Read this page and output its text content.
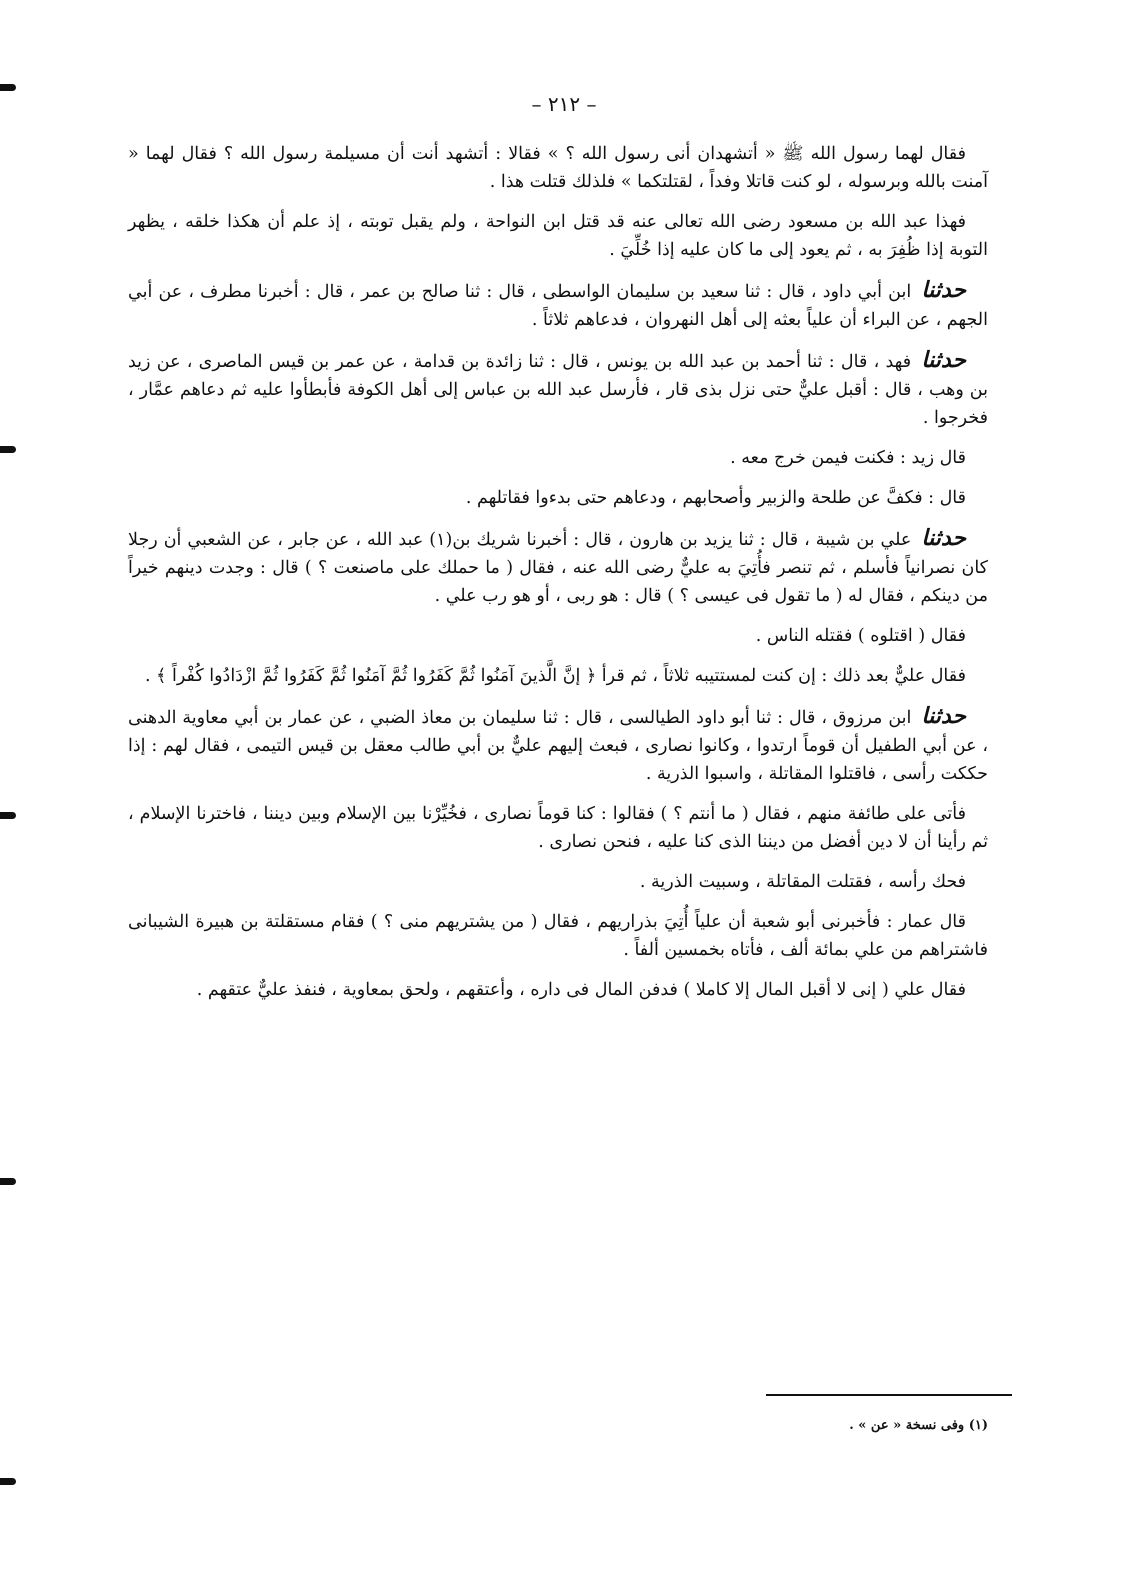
– ٢١٢ –

فقال لهما رسول الله ﷺ « أتشهدان أنى رسول الله ؟ » فقالا : أتشهد أنت أن مسيلمة رسول الله ؟ فقال لهما « آمنت بالله وبرسوله ، لو كنت قاتلا وفداً ، لقتلتكما » فلذلك قتلت هذا .

فهذا عبد الله بن مسعود رضى الله تعالى عنه قد قتل ابن النواحة ، ولم يقبل توبته ، إذ علم أن هكذا خلقه ، يظهر التوبة إذا ظُفِرَ به ، ثم يعود إلى ما كان عليه إذا خُلِّيَ .

حدثنا ابن أبي داود ، قال : ثنا سعيد بن سليمان الواسطى ، قال : ثنا صالح بن عمر ، قال : أخبرنا مطرف ، عن أبي الجهم ، عن البراء أن علياً بعثه إلى أهل النهروان ، فدعاهم ثلاثاً .

حدثنا فهد ، قال : ثنا أحمد بن عبد الله بن يونس ، قال : ثنا زائدة بن قدامة ، عن عمر بن قيس الماصرى ، عن زيد بن وهب ، قال : أقبل عليٌّ حتى نزل بذى قار ، فأرسل عبد الله بن عباس إلى أهل الكوفة فأبطأوا عليه ثم دعاهم عمَّار ، فخرجوا .

قال زيد : فكنت فيمن خرج معه .

قال : فكفَّ عن طلحة والزبير وأصحابهم ، ودعاهم حتى بدءوا فقاتلهم .

حدثنا علي بن شيبة ، قال : ثنا يزيد بن هارون ، قال : أخبرنا شريك بن(١) عبد الله ، عن جابر ، عن الشعبي أن رجلا كان نصرانياً فأسلم ، ثم تنصر فأُتِيَ به عليٌّ رضى الله عنه ، فقال ( ما حملك على ماصنعت ؟ ) قال : وجدت دينهم خيراً من دينكم ، فقال له ( ما تقول فى عيسى ؟ ) قال : هو ربى ، أو هو رب علي .

فقال ( اقتلوه ) فقتله الناس .

فقال عليٌّ بعد ذلك : إن كنت لمستتيبه ثلاثاً ، ثم قرأ ﴿ إنَّ الَّذينَ آمَنُوا ثُمَّ كَفَرُوا ثُمَّ آمَنُوا ثُمَّ كَفَرُوا ثُمَّ ازْدَادُوا كُفْراً ﴾ .

حدثنا ابن مرزوق ، قال : ثنا أبو داود الطيالسى ، قال : ثنا سليمان بن معاذ الضبي ، عن عمار بن أبي معاوية الدهنى ، عن أبي الطفيل أن قوماً ارتدوا ، وكانوا نصارى ، فبعث إليهم عليٌّ بن أبي طالب معقل بن قيس التيمى ، فقال لهم : إذا حككت رأسى ، فاقتلوا المقاتلة ، واسبوا الذرية .

فأتى على طائفة منهم ، فقال ( ما أنتم ؟ ) فقالوا : كنا قوماً نصارى ، فخُيِّرْنا بين الإسلام وبين ديننا ، فاخترنا الإسلام ، ثم رأينا أن لا دين أفضل من ديننا الذى كنا عليه ، فنحن نصارى .

فحك رأسه ، فقتلت المقاتلة ، وسبيت الذرية .

قال عمار : فأخبرنى أبو شعبة أن علياً أُتِيَ بذراريهم ، فقال ( من يشتريهم منى ؟ ) فقام مستقلتة بن هبيرة الشيبانى فاشتراهم من علي بمائة ألف ، فأتاه بخمسين ألفاً .

فقال علي ( إنى لا أقبل المال إلا كاملا ) فدفن المال فى داره ، وأعتقهم ، ولحق بمعاوية ، فنفذ عليٌّ عتقهم .

(١) وفى نسخة « عن » .
